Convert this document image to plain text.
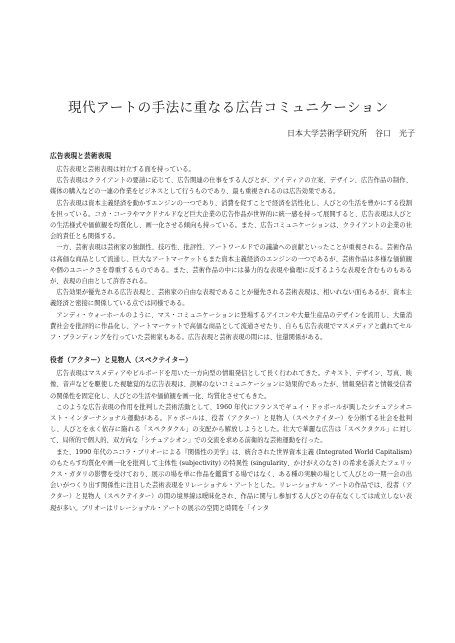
現代アートの手法に重なる広告コミュニケーション
日本大学芸術学研究所　谷口　光子
広告表現と芸術表現

広告表現と芸術表現は対立する面を持っている。

広告表現はクライアントの要請に応じて、広告関連の仕事をする人びとが、アイディアの立案、デザイン、広告作品の制作、媒体の購入などの一連の作業をビジネスとして行うものであり、最も重視されるのは広告効果である。

広告表現は資本主義経済を動かすエンジンの一つであり、消費を促すことで経済を活性化し、人びとの生活を豊かにする役割を担っている。コカ・コーラやマクドナルドなど巨大企業の広告作品が世界的に統一感を持って展開すると、広告表現は人びとの生活様式や価値観を均質化し、画一化させる傾向も持っている。また、広告コミュニケーションは、クライアントの企業の社会的責任とも関係する。

一方、芸術表現は芸術家の独創性、技巧性、批評性、アートワールドでの議論への貢献といったことが重視される。芸術作品は高価な商品として流通し、巨大なアートマーケットもまた資本主義経済のエンジンの一つであるが、芸術作品は多様な価値観や個のユニークさを尊重するものである。また、芸術作品の中には暴力的な表現や倫理に反するような表現を含むものもあるが、表現の自由として許容される。

広告効果が優先される広告表現と、芸術家の自由な表現であることが優先される芸術表現は、相いれない面もあるが、資本主義経済と密接に関係している点では同様である。

アンディ・ウォーホールのように、マス・コミュニケーションに登場するアイコンや大量生産品のデザインを流用し、大量消費社会を批評的に作品化し、アートマーケットで高価な商品として流通させたり、自らも広告表現でマスメディアと戯れてセルフ・ブランディングを行っていた芸術家もある。広告表現と芸術表現の間には、往還関係がある。

役者（アクター）と見物人（スペクテイター）

広告表現はマスメディアやビルボードを用いた一方向型の情報発信として長く行われてきた。テキスト、デザイン、写真、映像、音声などを駆使した視聴覚的な広告表現は、誤解のないコミュニケーションに効果的であったが、情報発信者と情報受信者の関係性を固定化し、人びとの生活や価値観を画一化、均質化させてもきた。

このような広告表現の作用を批判した芸術活動として、1960 年代にフランスでギュイ・ドゥボールが興したシチュアシオニスト・インターナショナル運動がある。ドゥボールは、役者（アクター）と見物人（スペクテイター）を分断する社会を批判し、人びとを永く依存に陥れる「スペクタクル」の支配から解放しようとした。壮大で華麗な広告は「スペクタクル」に対して、局所的で個人的、双方向な「シチュアシオン」での交流を求める前衛的な芸術運動を行った。

また、1990 年代のニコラ・ブリオーによる『関係性の美学』は、統合された世界資本主義 (Integrated World Capitalism) のもたらす均質化や画一化を批判して主体性 (subjectivity) の特異性 (singularity、かけがえのなさ) の希求を訴えたフェリックス・ガタリの影響を受けており、展示の場を単に作品を鑑賞する場ではなく、ある種の実験の場として人びとの一期一会の出会いがつくり出す関係性に注目した芸術表現をリレーショナル・アートとした。リレーショナル・アートの作品では、役者（アクター）と見物人（スペクテイター）の間の境界線は曖昧化され、作品に関与し参加する人びとの存在なくしては成立しない表現が多い。ブリオーはリレーショナル・アートの展示の空間と時間を「インタ
